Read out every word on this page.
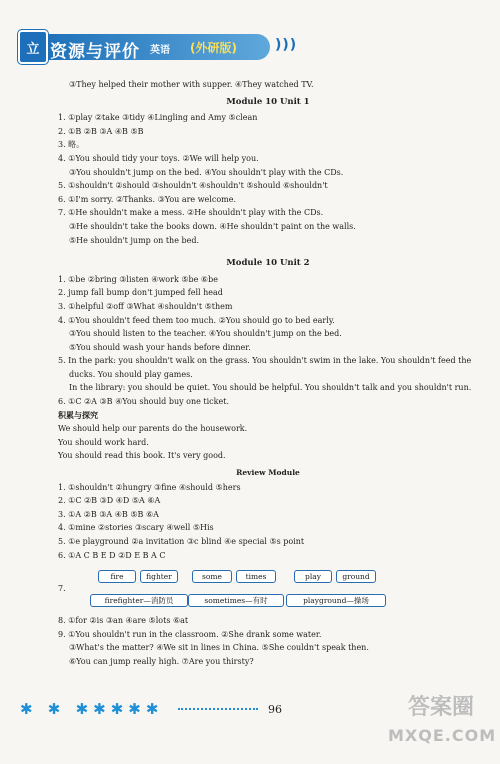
立 资源与评价 英语 (外研版)	)))
③They helped their mother with supper. ④They watched TV.
Module 10 Unit 1
1. ①play ②take ③tidy ④Lingling and Amy ⑤clean
2. ①B ②B ③A ④B ⑤B
3. 略。
4. ①You should tidy your toys. ②We will help you.
③You shouldn't jump on the bed. ④You shouldn't play with the CDs.
5. ①shouldn't ②should ③shouldn't ④shouldn't ⑤should ⑥shouldn't
6. ①I'm sorry. ②Thanks. ③You are welcome.
7. ①He shouldn't make a mess. ②He shouldn't play with the CDs.
③He shouldn't take the books down. ④He shouldn't paint on the walls.
⑤He shouldn't jump on the bed.
Module 10 Unit 2
1. ①be ②bring ③listen ④work ⑤be ⑥be
2. jump fall bump don't jumped fell head
3. ①helpful ②off ③What ④shouldn't ⑤them
4. ①You shouldn't feed them too much. ②You should go to bed early.
③You should listen to the teacher. ④You shouldn't jump on the bed.
⑤You should wash your hands before dinner.
5. In the park: you shouldn't walk on the grass. You shouldn't swim in the lake. You shouldn't feed the ducks. You should play games.
In the library: you should be quiet. You should be helpful. You shouldn't talk and you shouldn't run.
6. ①C ②A ③B ④You should buy one ticket.
积累与探究
We should help our parents do the housework.
You should work hard.
You should read this book. It's very good.
Review Module
1. ①shouldn't ②hungry ③fine ④should ⑤hers
2. ①C ②B ③D ④D ⑤A ⑥A
3. ①A ②B ③A ④B ⑤B ⑥A
4. ①mine ②stories ③scary ④well ⑤His
5. ①e playground ②a invitation ③c blind ④e special ⑤s point
6. ①A C B E D ②D E B A C
7.
fire	fighter	some	times	play	ground
firefighter—消防员	sometimes—有时	playground—操场
8. ①for ②is ③an ④are ⑤lots ⑥at
9. ①You shouldn't run in the classroom. ②She drank some water.
③What's the matter? ④We sit in lines in China. ⑤She couldn't speak then.
⑥You can jump really high. ⑦Are you thirsty?
✱ ✱ ✱✱✱✱✱	96	答案圈
MXQE.COM
